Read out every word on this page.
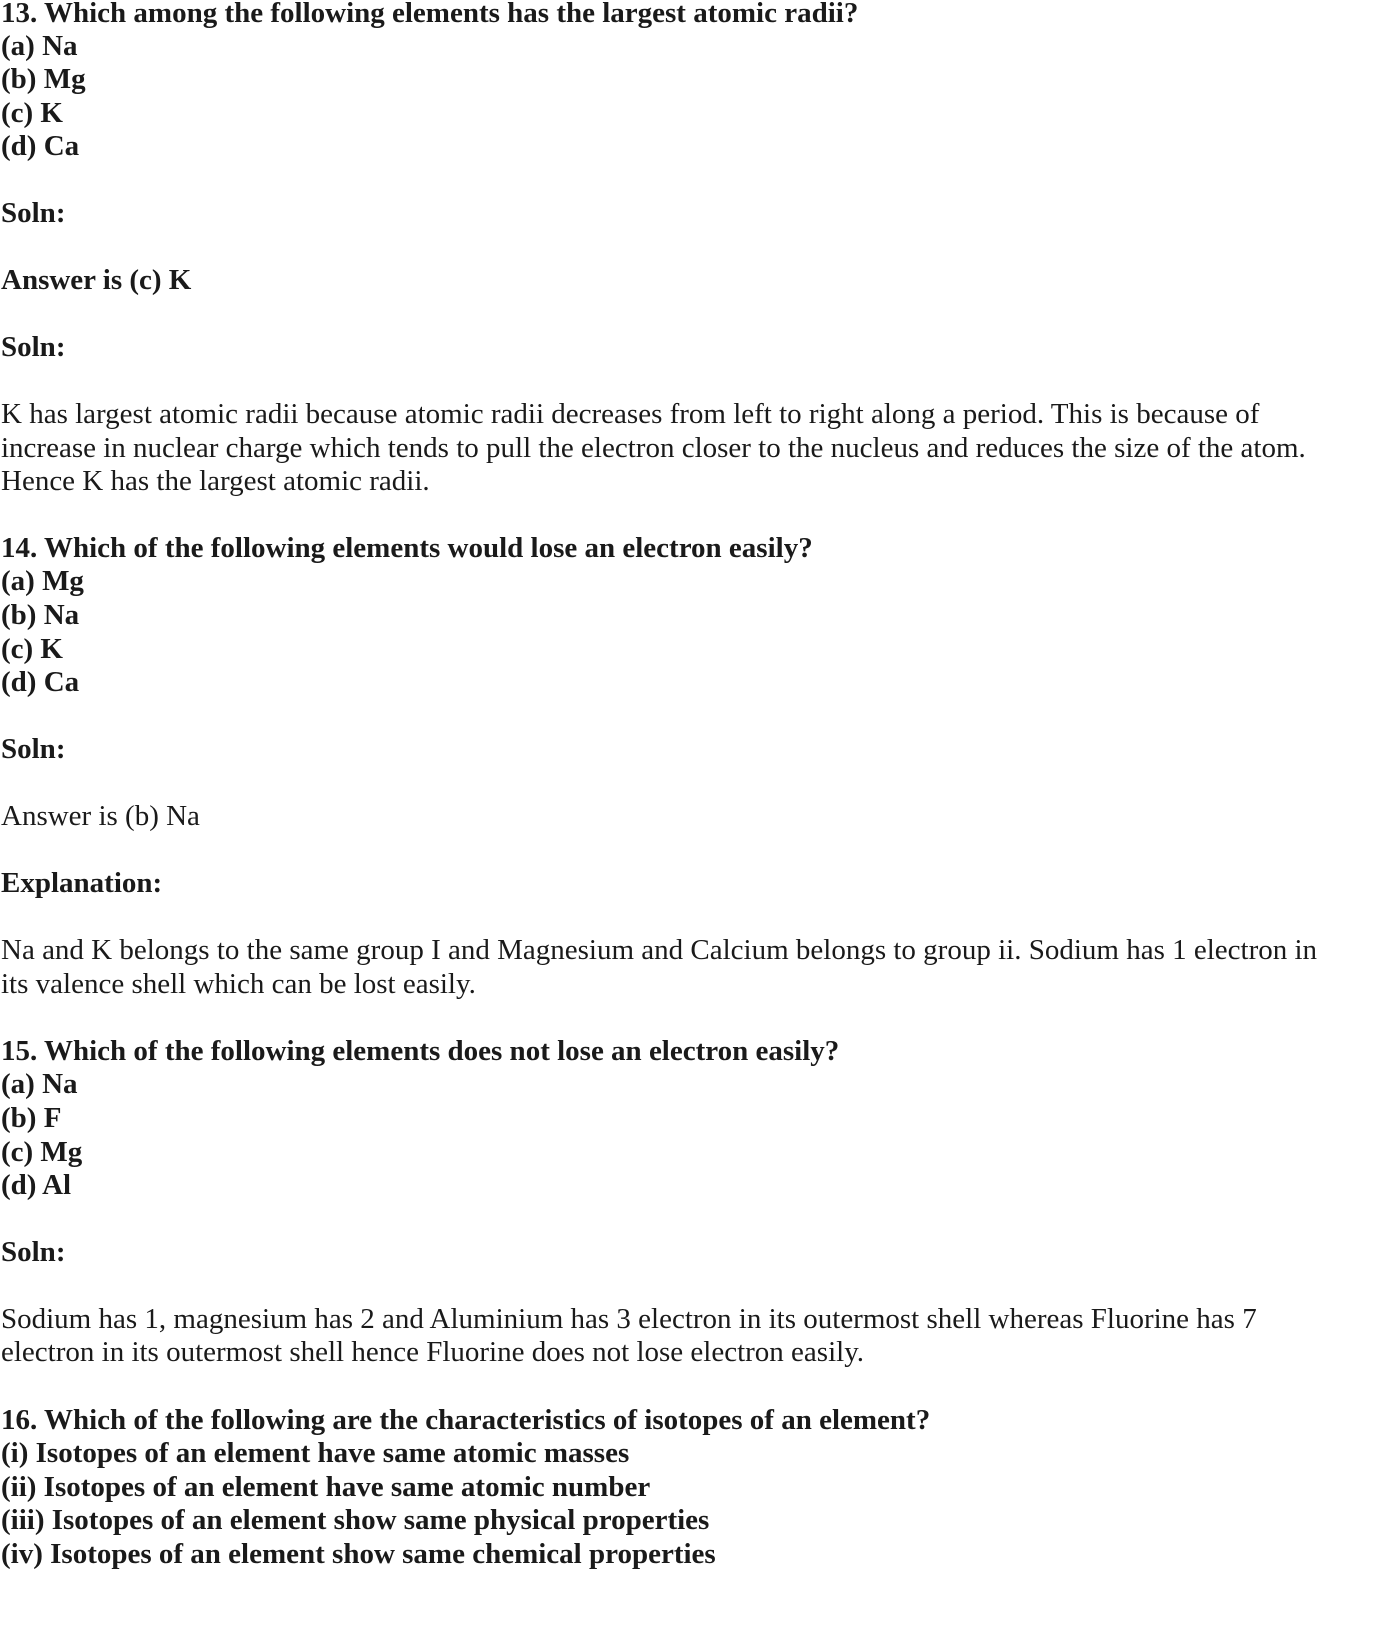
13. Which among the following elements has the largest atomic radii?

(a) Na

(b) Mg

(c) K

(d) Ca

Soln:

Answer is (c) K

Soln:

K has largest atomic radii because atomic radii decreases from left to right along a period. This is because of

increase in nuclear charge which tends to pull the electron closer to the nucleus and reduces the size of the atom.

Hence K has the largest atomic radii.

14. Which of the following elements would lose an electron easily?

(a) Mg

(b) Na

(c) K

(d) Ca

Soln:

Answer is (b) Na

Explanation:

Na and K belongs to the same group I and Magnesium and Calcium belongs to group ii. Sodium has 1 electron in

its valence shell which can be lost easily.

15. Which of the following elements does not lose an electron easily?

(a) Na

(b) F

(c) Mg

(d) Al

Soln:

Sodium has 1, magnesium has 2 and Aluminium has 3 electron in its outermost shell whereas Fluorine has 7

electron in its outermost shell hence Fluorine does not lose electron easily.

16. Which of the following are the characteristics of isotopes of an element?

(i) Isotopes of an element have same atomic masses

(ii) Isotopes of an element have same atomic number

(iii) Isotopes of an element show same physical properties

(iv) Isotopes of an element show same chemical properties
